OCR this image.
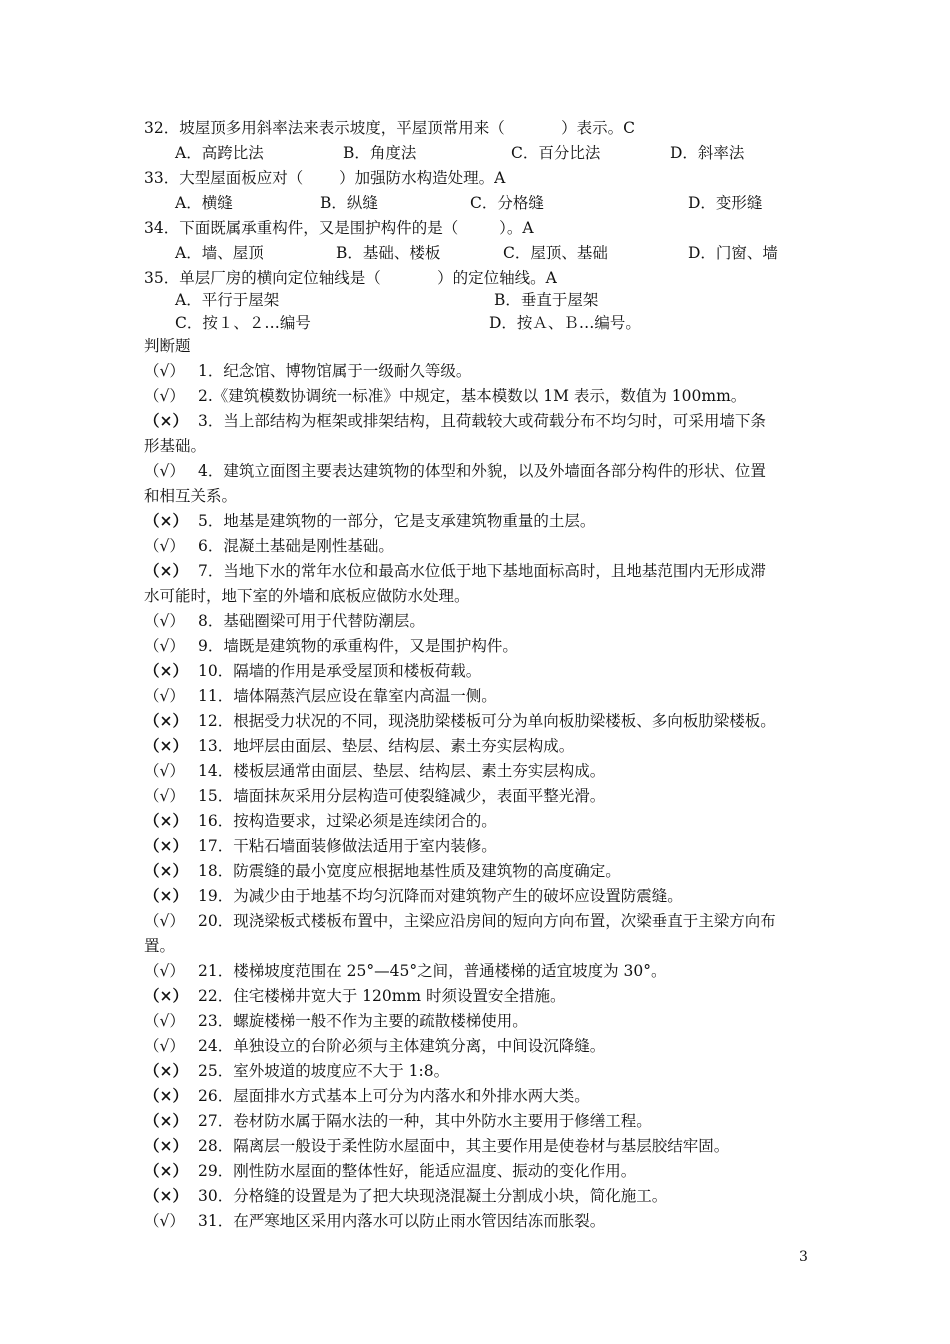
32．坡屋顶多用斜率法来表示坡度，平屋顶常用来（ 　　　 ）表示。C
A．高跨比法	B．角度法	C．百分比法	D．斜率法
33．大型屋面板应对（ 　　）加强防水构造处理。A
A．横缝	B．纵缝	C．分格缝	D．变形缝
34．下面既属承重构件，又是围护构件的是（ 　　 ）。A
A．墙、屋顶	B．基础、楼板	C．屋顶、基础	D．门窗、墙
35．单层厂房的横向定位轴线是（ 　　　 ）的定位轴线。A
A．平行于屋架	B．垂直于屋架
C．按１、２…编号	D．按Ａ、Ｂ…编号。
判断题
（√） 1．纪念馆、博物馆属于一级耐久等级。
（√） 2.《建筑模数协调统一标准》中规定，基本模数以 1M 表示，数值为 100mm。
（×） 3．当上部结构为框架或排架结构，且荷载较大或荷载分布不均匀时，可采用墙下条
形基础。
（√） 4．建筑立面图主要表达建筑物的体型和外貌，以及外墙面各部分构件的形状、位置
和相互关系。
（×） 5．地基是建筑物的一部分，它是支承建筑物重量的土层。
（√） 6．混凝土基础是刚性基础。
（×） 7．当地下水的常年水位和最高水位低于地下基地面标高时，且地基范围内无形成滞
水可能时，地下室的外墙和底板应做防水处理。
（√） 8．基础圈梁可用于代替防潮层。
（√） 9．墙既是建筑物的承重构件，又是围护构件。
（×） 10．隔墙的作用是承受屋顶和楼板荷载。
（√） 11．墙体隔蒸汽层应设在靠室内高温一侧。
（×） 12．根据受力状况的不同，现浇肋梁楼板可分为单向板肋梁楼板、多向板肋梁楼板。
（×） 13．地坪层由面层、垫层、结构层、素土夯实层构成。
（√） 14．楼板层通常由面层、垫层、结构层、素土夯实层构成。
（√） 15．墙面抹灰采用分层构造可使裂缝减少，表面平整光滑。
（×） 16．按构造要求，过梁必须是连续闭合的。
（×） 17．干粘石墙面装修做法适用于室内装修。
（×） 18．防震缝的最小宽度应根据地基性质及建筑物的高度确定。
（×） 19．为减少由于地基不均匀沉降而对建筑物产生的破坏应设置防震缝。
（√） 20．现浇梁板式楼板布置中，主梁应沿房间的短向方向布置，次梁垂直于主梁方向布
置。
（√） 21．楼梯坡度范围在 25°—45°之间，普通楼梯的适宜坡度为 30°。
（×） 22．住宅楼梯井宽大于 120mm 时须设置安全措施。
（√） 23．螺旋楼梯一般不作为主要的疏散楼梯使用。
（√） 24．单独设立的台阶必须与主体建筑分离，中间设沉降缝。
（×） 25．室外坡道的坡度应不大于 1:8。
（×） 26．屋面排水方式基本上可分为内落水和外排水两大类。
（×） 27．卷材防水属于隔水法的一种，其中外防水主要用于修缮工程。
（×） 28．隔离层一般设于柔性防水屋面中，其主要作用是使卷材与基层胶结牢固。
（×） 29．刚性防水屋面的整体性好，能适应温度、振动的变化作用。
（×） 30．分格缝的设置是为了把大块现浇混凝土分割成小块，简化施工。
（√） 31．在严寒地区采用内落水可以防止雨水管因结冻而胀裂。
3
